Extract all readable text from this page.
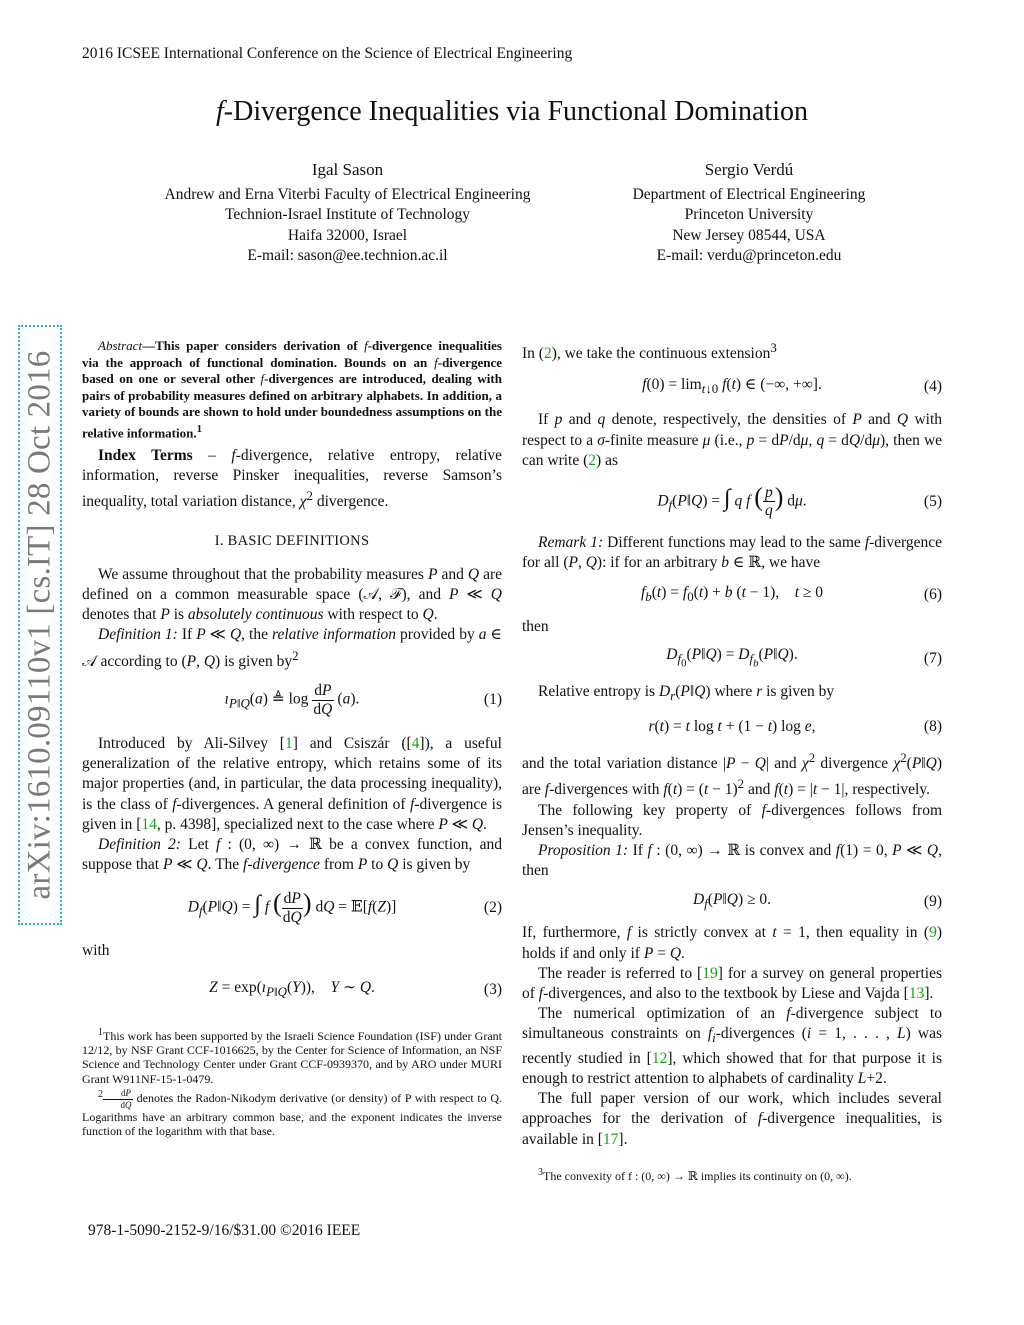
2016 ICSEE International Conference on the Science of Electrical Engineering
f-Divergence Inequalities via Functional Domination
Igal Sason
Andrew and Erna Viterbi Faculty of Electrical Engineering
Technion-Israel Institute of Technology
Haifa 32000, Israel
E-mail: sason@ee.technion.ac.il
Sergio Verdú
Department of Electrical Engineering
Princeton University
New Jersey 08544, USA
E-mail: verdu@princeton.edu
arXiv:1610.09110v1 [cs.IT] 28 Oct 2016

Abstract—This paper considers derivation of f-divergence inequalities via the approach of functional domination. Bounds on an f-divergence based on one or several other f-divergences are introduced, dealing with pairs of probability measures defined on arbitrary alphabets. In addition, a variety of bounds are shown to hold under boundedness assumptions on the relative information.$^1$

Index Terms – f-divergence, relative entropy, relative information, reverse Pinsker inequalities, reverse Samson’s inequality, total variation distance, $\chi^2$ divergence.

I. BASIC DEFINITIONS

We assume throughout that the probability measures P and Q are defined on a common measurable space (𝒜, ℱ), and P ≪ Q denotes that P is absolutely continuous with respect to Q.

Definition 1: If P ≪ Q, the relative information provided by a ∈ 𝒜 according to (P, Q) is given $by^2$

$ı_{P‖Q}(a)$ ≜ $\log \frac{dP}{dQ} (a)$.	(1)

Introduced by Ali-Silvey [1] and Csiszár ([4]), a useful generalization of the relative entropy, which retains some of its major properties (and, in particular, the data processing inequality), is the class of f-divergences. A general definition of f-divergence is given in [14, p. 4398], specialized next to the case where P ≪ Q.

Definition 2: Let f : (0, ∞) → ℝ be a convex function, and suppose that P ≪ Q. The f-divergence from P to Q is given by

$D_f(P‖Q)$ = ∫ f ( $\frac{dP}{dQ}$ ) dQ = 𝔼[f(Z)]	(2)

with

$Z = \exp(ı_{P‖Q}(Y))$,    Y ∼ Q.	(3)
$^1$This work has been supported by the Israeli Science Foundation (ISF) under Grant 12/12, by NSF Grant CCF-1016625, by the Center for Science of Information, an NSF Science and Technology Center under Grant CCF-0939370, and by ARO under MURI Grant W911NF-15-1-0479.
$^2 \frac{dP}{dQ}$ denotes the Radon-Nikodym derivative (or density) of P with respect to Q. Logarithms have an arbitrary common base, and the exponent indicates the inverse function of the logarithm with that base.

In (2), we take the continuous extension$^3$

$f(0) = \lim_{t↓0} f(t)$ ∈ (−∞, +∞].	(4)

If p and q denote, respectively, the densities of P and Q with respect to a σ-finite measure μ (i.e., p = dP/dμ, q = dQ/dμ), then we can write (2) as

$D_f(P‖Q)$ = ∫ q f ( $\frac{p}{q}$ ) dμ.	(5)

Remark 1: Different functions may lead to the same f-divergence for all (P, Q): if for an arbitrary b ∈ ℝ, we have

$f_b(t) = f_0(t) + b$ (t − 1),    t ≥ 0	(6)

then

$D_{f_0}(P‖Q)$ = $D_{f_b}(P‖Q)$.	(7)

Relative entropy is $D_r(P‖Q)$ where r is given by

r(t) = t log t + (1 − t) log e,	(8)

and the total variation distance |P − Q| and $\chi^2$ divergence $\chi^2(P‖Q)$ are f-divergences with $f(t) = (t - 1)^2$ and f(t) = |t − 1|, respectively.

The following key property of f-divergences follows from Jensen’s inequality.

Proposition 1: If f : (0, ∞) → ℝ is convex and f(1) = 0, P ≪ Q, then

$D_f(P‖Q) \ge 0$.	(9)

If, furthermore, f is strictly convex at t = 1, then equality in (9) holds if and only if P = Q.

The reader is referred to [19] for a survey on general properties of f-divergences, and also to the textbook by Liese and Vajda [13].

The numerical optimization of an f-divergence subject to simultaneous constraints on $f_i$-divergences (i = 1, . . . , L) was recently studied in [12], which showed that for that purpose it is enough to restrict attention to alphabets of cardinality L+2.

The full paper version of our work, which includes several approaches for the derivation of f-divergence inequalities, is available in [17].

$^3$The convexity of f : (0, ∞) → ℝ implies its continuity on (0, ∞).
978-1-5090-2152-9/16/$31.00 ©2016 IEEE
